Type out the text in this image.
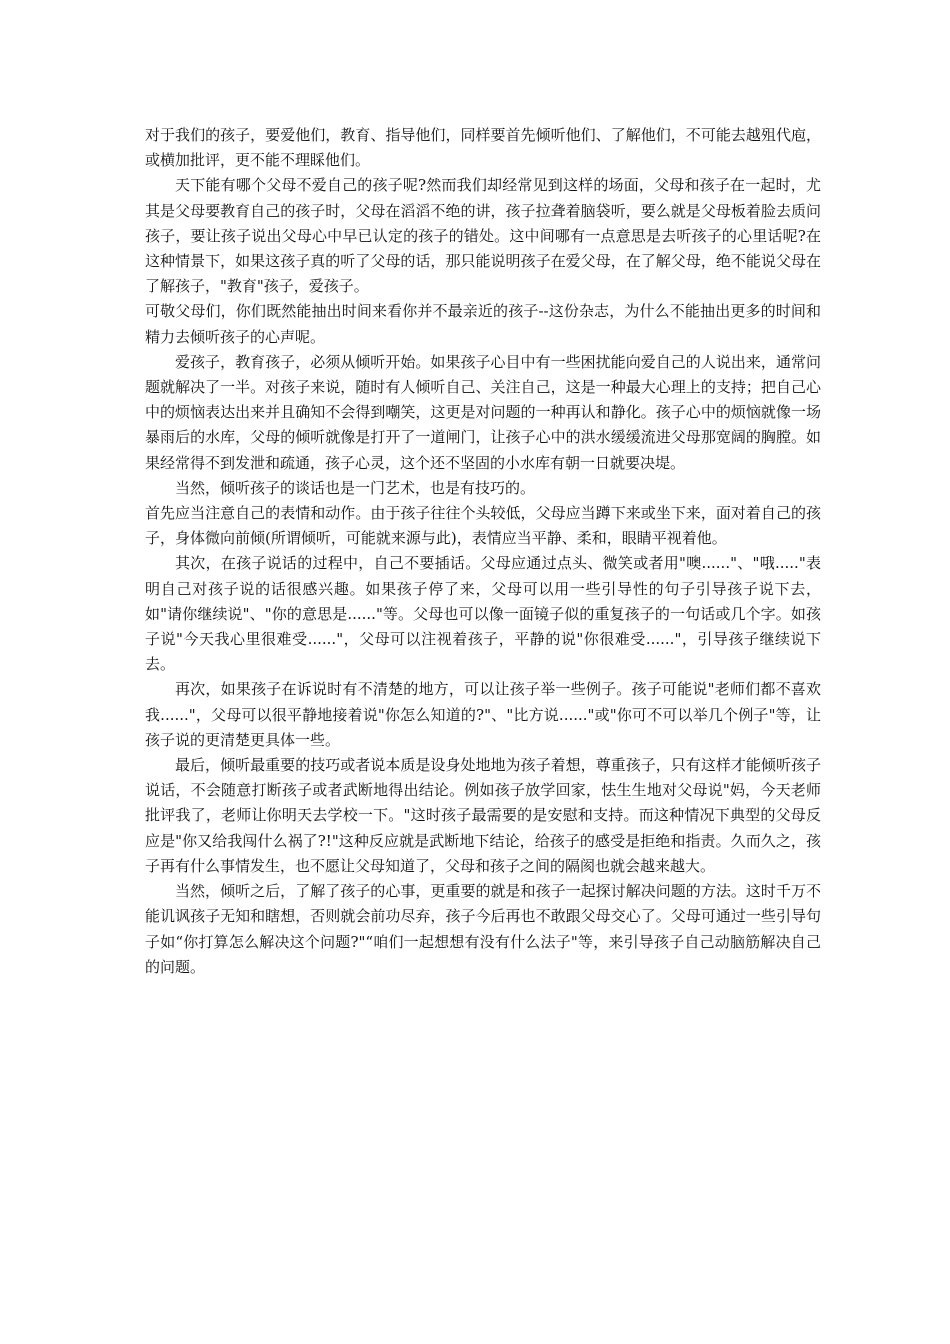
对于我们的孩子，要爱他们，教育、指导他们，同样要首先倾听他们、了解他们，不可能去越殂代庖，或横加批评，更不能不理睬他们。

天下能有哪个父母不爱自己的孩子呢?然而我们却经常见到这样的场面，父母和孩子在一起时，尤其是父母要教育自己的孩子时，父母在滔滔不绝的讲，孩子拉聋着脑袋听，要么就是父母板着脸去质问孩子，要让孩子说出父母心中早已认定的孩子的错处。这中间哪有一点意思是去听孩子的心里话呢?在这种情景下，如果这孩子真的听了父母的话，那只能说明孩子在爱父母，在了解父母，绝不能说父母在了解孩子，"教育"孩子，爱孩子。

可敬父母们，你们既然能抽出时间来看你并不最亲近的孩子--这份杂志，为什么不能抽出更多的时间和精力去倾听孩子的心声呢。

爱孩子，教育孩子，必须从倾听开始。如果孩子心目中有一些困扰能向爱自己的人说出来，通常问题就解决了一半。对孩子来说，随时有人倾听自己、关注自己，这是一种最大心理上的支持；把自己心中的烦恼表达出来并且确知不会得到嘲笑，这更是对问题的一种再认和静化。孩子心中的烦恼就像一场暴雨后的水库，父母的倾听就像是打开了一道闸门，让孩子心中的洪水缓缓流进父母那宽阔的胸膛。如果经常得不到发泄和疏通，孩子心灵，这个还不坚固的小水库有朝一日就要决堤。

当然，倾听孩子的谈话也是一门艺术，也是有技巧的。

首先应当注意自己的表情和动作。由于孩子往往个头较低，父母应当蹲下来或坐下来，面对着自己的孩子，身体微向前倾(所谓倾听，可能就来源与此)，表情应当平静、柔和，眼睛平视着他。

其次，在孩子说话的过程中，自己不要插话。父母应通过点头、微笑或者用"噢......"、"哦....."表明自己对孩子说的话很感兴趣。如果孩子停了来，父母可以用一些引导性的句子引导孩子说下去，如"请你继续说"、"你的意思是......"等。父母也可以像一面镜子似的重复孩子的一句话或几个字。如孩子说"今天我心里很难受......"，父母可以注视着孩子，平静的说"你很难受......"，引导孩子继续说下去。

再次，如果孩子在诉说时有不清楚的地方，可以让孩子举一些例子。孩子可能说"老师们都不喜欢我......"，父母可以很平静地接着说"你怎么知道的?"、"比方说......"或"你可不可以举几个例子"等，让孩子说的更清楚更具体一些。

最后，倾听最重要的技巧或者说本质是设身处地地为孩子着想，尊重孩子，只有这样才能倾听孩子说话，不会随意打断孩子或者武断地得出结论。例如孩子放学回家，怯生生地对父母说"妈，今天老师批评我了，老师让你明天去学校一下。"这时孩子最需要的是安慰和支持。而这种情况下典型的父母反应是"你又给我闯什么祸了?!"这种反应就是武断地下结论，给孩子的感受是拒绝和指责。久而久之，孩子再有什么事情发生，也不愿让父母知道了，父母和孩子之间的隔阂也就会越来越大。

当然，倾听之后，了解了孩子的心事，更重要的就是和孩子一起探讨解决问题的方法。这时千万不能讥讽孩子无知和瞎想，否则就会前功尽弃，孩子今后再也不敢跟父母交心了。父母可通过一些引导句子如“你打算怎么解决这个问题?"“咱们一起想想有没有什么法子"等，来引导孩子自己动脑筋解决自己的问题。
